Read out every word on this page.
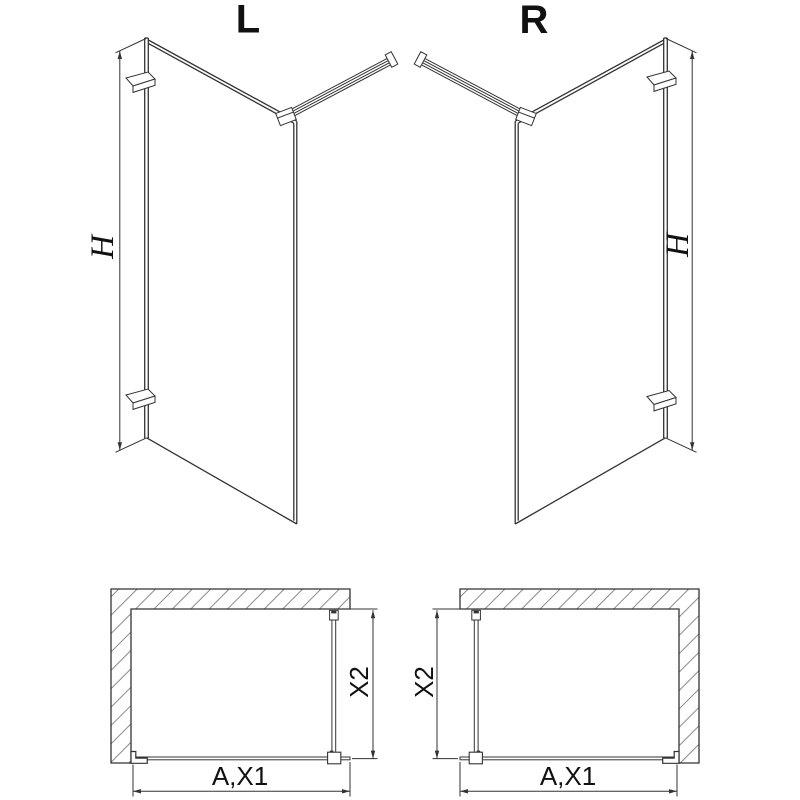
L	R
H	H
A,X1	A,X1
X2 X2
